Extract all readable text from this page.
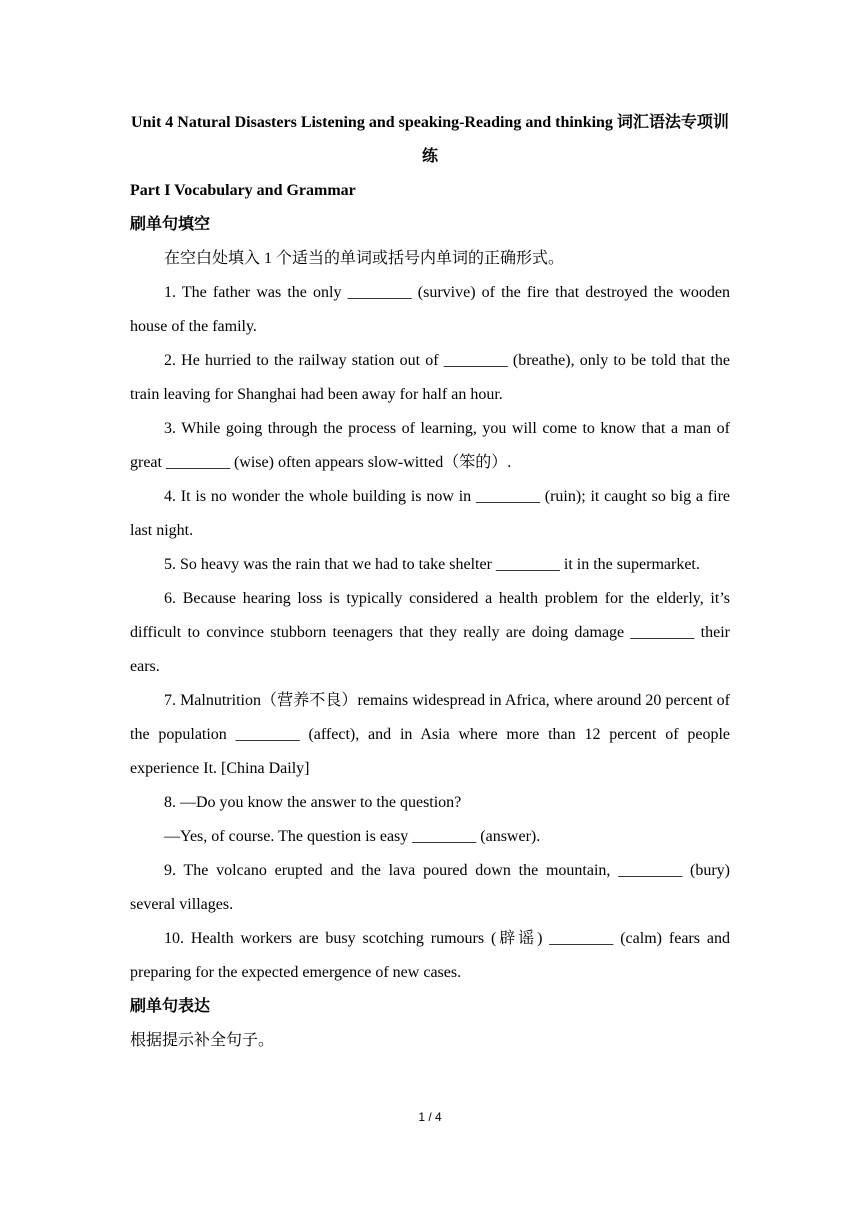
Unit 4 Natural Disasters Listening and speaking-Reading and thinking 词汇语法专项训练

Part I Vocabulary and Grammar

刷单句填空

在空白处填入 1 个适当的单词或括号内单词的正确形式。

1. The father was the only ________ (survive) of the fire that destroyed the wooden house of the family.

2. He hurried to the railway station out of ________ (breathe), only to be told that the train leaving for Shanghai had been away for half an hour.

3. While going through the process of learning, you will come to know that a man of great ________ (wise) often appears slow-witted（笨的）.

4. It is no wonder the whole building is now in ________ (ruin); it caught so big a fire last night.

5. So heavy was the rain that we had to take shelter ________ it in the supermarket.

6. Because hearing loss is typically considered a health problem for the elderly, it’s difficult to convince stubborn teenagers that they really are doing damage ________ their ears.

7. Malnutrition（营养不良）remains widespread in Africa, where around 20 percent of the population ________ (affect), and in Asia where more than 12 percent of people experience It. [China Daily]

8. —Do you know the answer to the question?

—Yes, of course. The question is easy ________ (answer).

9. The volcano erupted and the lava poured down the mountain, ________ (bury) several villages.

10. Health workers are busy scotching rumours (辟谣) ________ (calm) fears and preparing for the expected emergence of new cases.

刷单句表达

根据提示补全句子。

1 / 4
